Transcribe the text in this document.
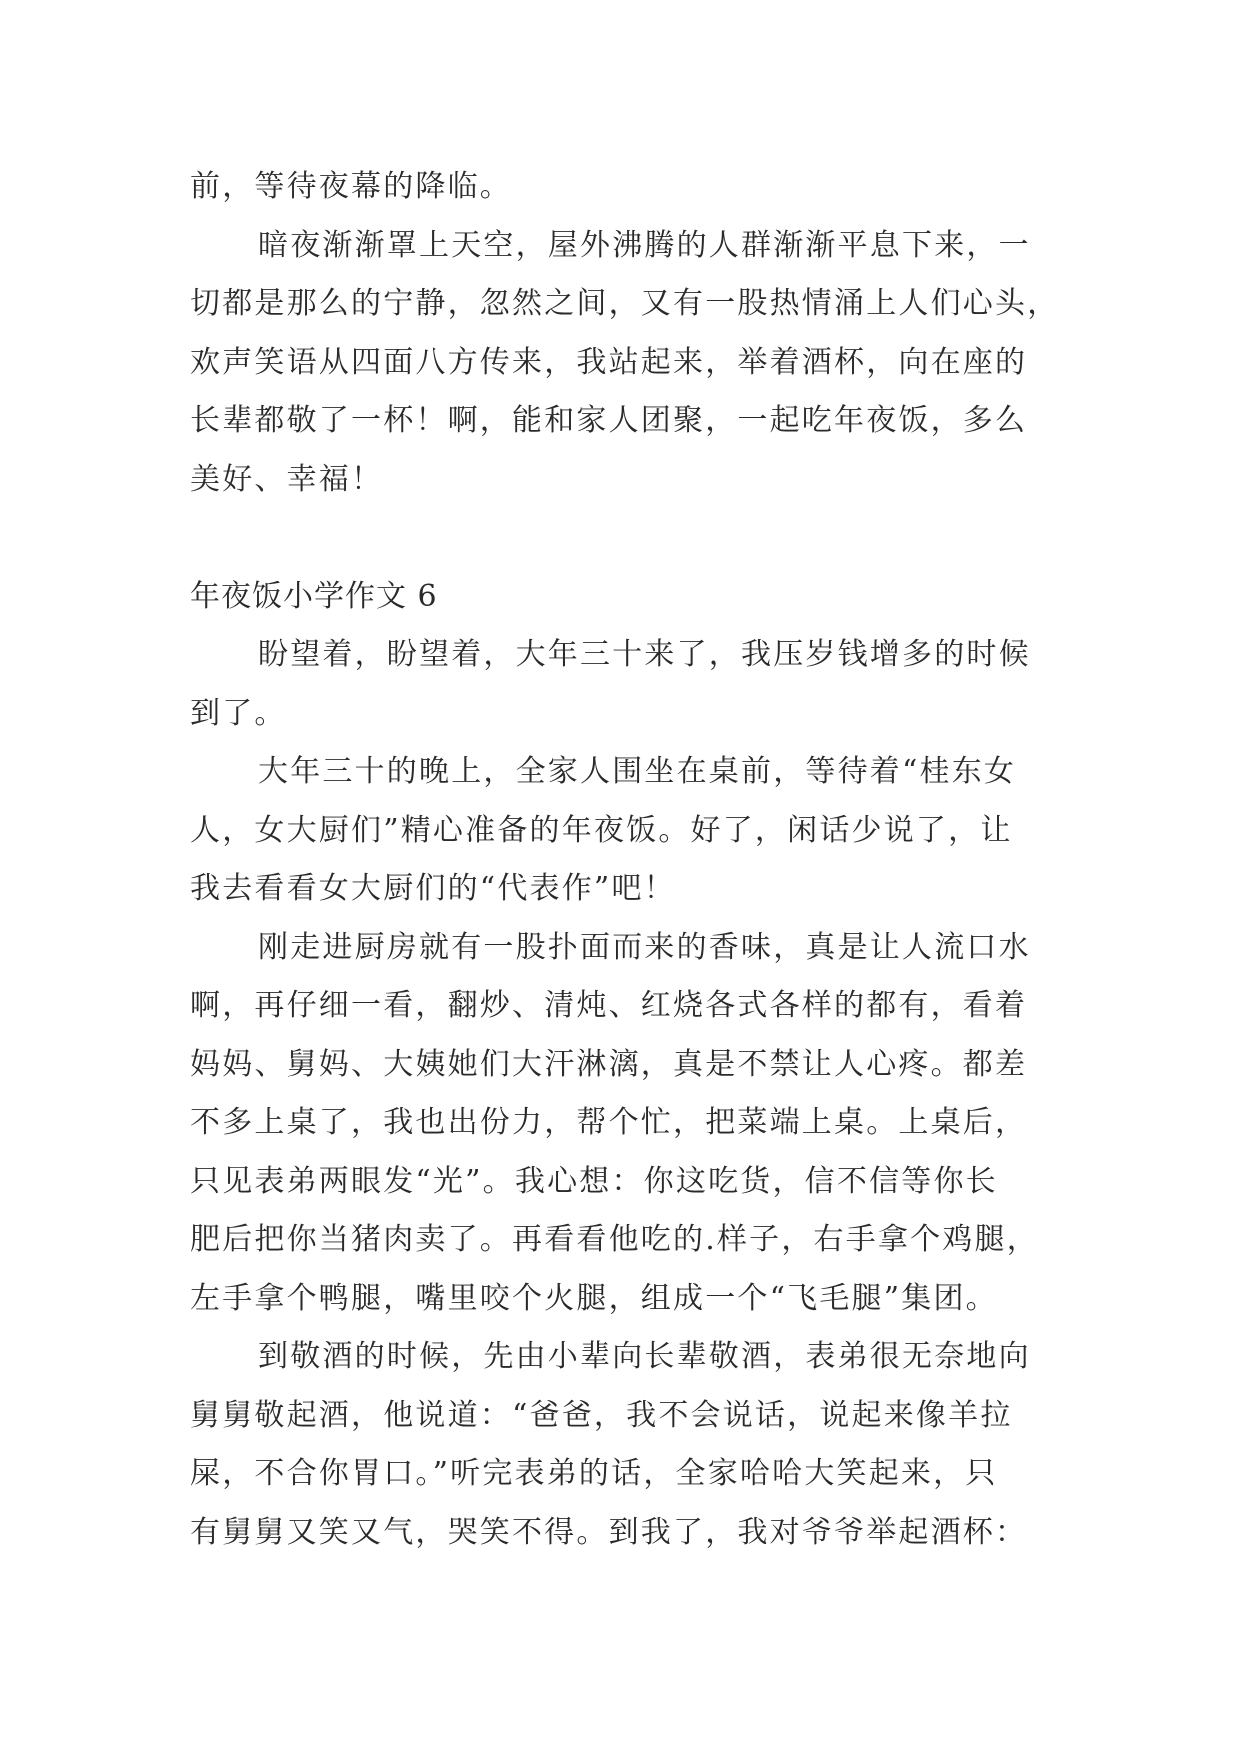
前，等待夜幕的降临。
暗夜渐渐罩上天空，屋外沸腾的人群渐渐平息下来，一
切都是那么的宁静，忽然之间，又有一股热情涌上人们心头，
欢声笑语从四面八方传来，我站起来，举着酒杯，向在座的
长辈都敬了一杯！啊，能和家人团聚，一起吃年夜饭，多么
美好、幸福！
年夜饭小学作文 6
盼望着，盼望着，大年三十来了，我压岁钱增多的时候
到了。
大年三十的晚上，全家人围坐在桌前，等待着“桂东女
人，女大厨们”精心准备的年夜饭。好了，闲话少说了，让
我去看看女大厨们的“代表作”吧！
刚走进厨房就有一股扑面而来的香味，真是让人流口水
啊，再仔细一看，翻炒、清炖、红烧各式各样的都有，看着
妈妈、舅妈、大姨她们大汗淋漓，真是不禁让人心疼。都差
不多上桌了，我也出份力，帮个忙，把菜端上桌。上桌后，
只见表弟两眼发“光”。我心想：你这吃货，信不信等你长
肥后把你当猪肉卖了。再看看他吃的.样子，右手拿个鸡腿，
左手拿个鸭腿，嘴里咬个火腿，组成一个“飞毛腿”集团。
到敬酒的时候，先由小辈向长辈敬酒，表弟很无奈地向
舅舅敬起酒，他说道：“爸爸，我不会说话，说起来像羊拉
屎，不合你胃口。”听完表弟的话，全家哈哈大笑起来，只
有舅舅又笑又气，哭笑不得。到我了，我对爷爷举起酒杯：
